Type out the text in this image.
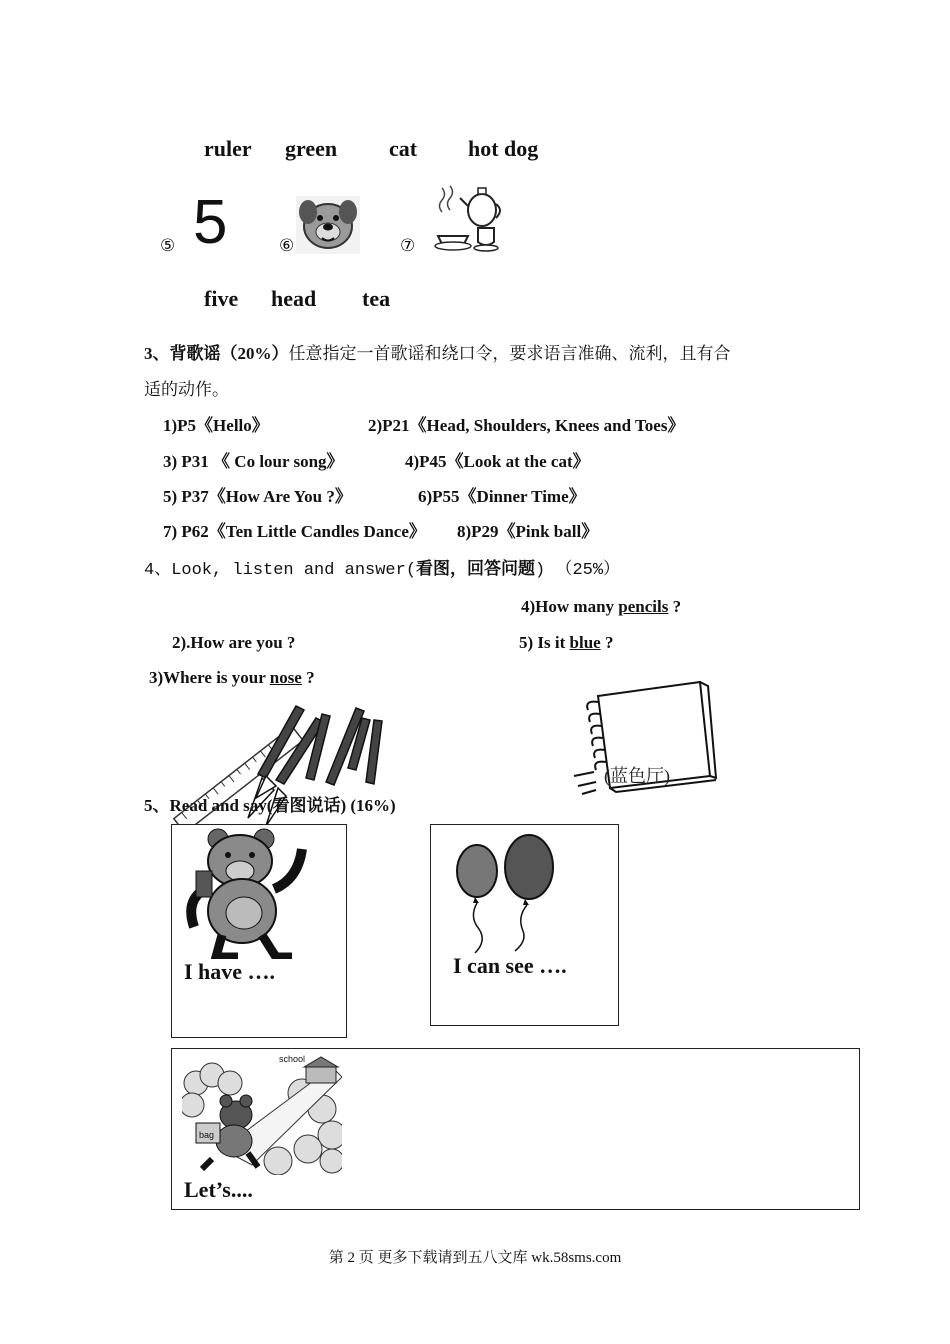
ruler green cat hot dog
⑤ 5	⑥	⑦
five head tea
3、背歌谣（20%）任意指定一首歌谣和绕口令，要求语言准确、流利，且有合
适的动作。
1)P5《Hello》	2)P21《Head, Shoulders, Knees and Toes》
3) P31 《 Co lour song》	4)P45《Look at the cat》
5) P37《How Are You ?》	6)P55《Dinner Time》
7) P62《Ten Little Candles Dance》 8)P29《Pink ball》
4、Look, listen and answer(看图，回答问题) （25%）
4)How many pencils ?
2).How are you ?	5) Is it blue ?
3)Where is your nose ?
(蓝色厅)
5、Read and say(看图说话) (16%)
I have ….	I can see ….
school
bag
Let’s....
第 2 页 更多下载请到五八文库 wk.58sms.com
